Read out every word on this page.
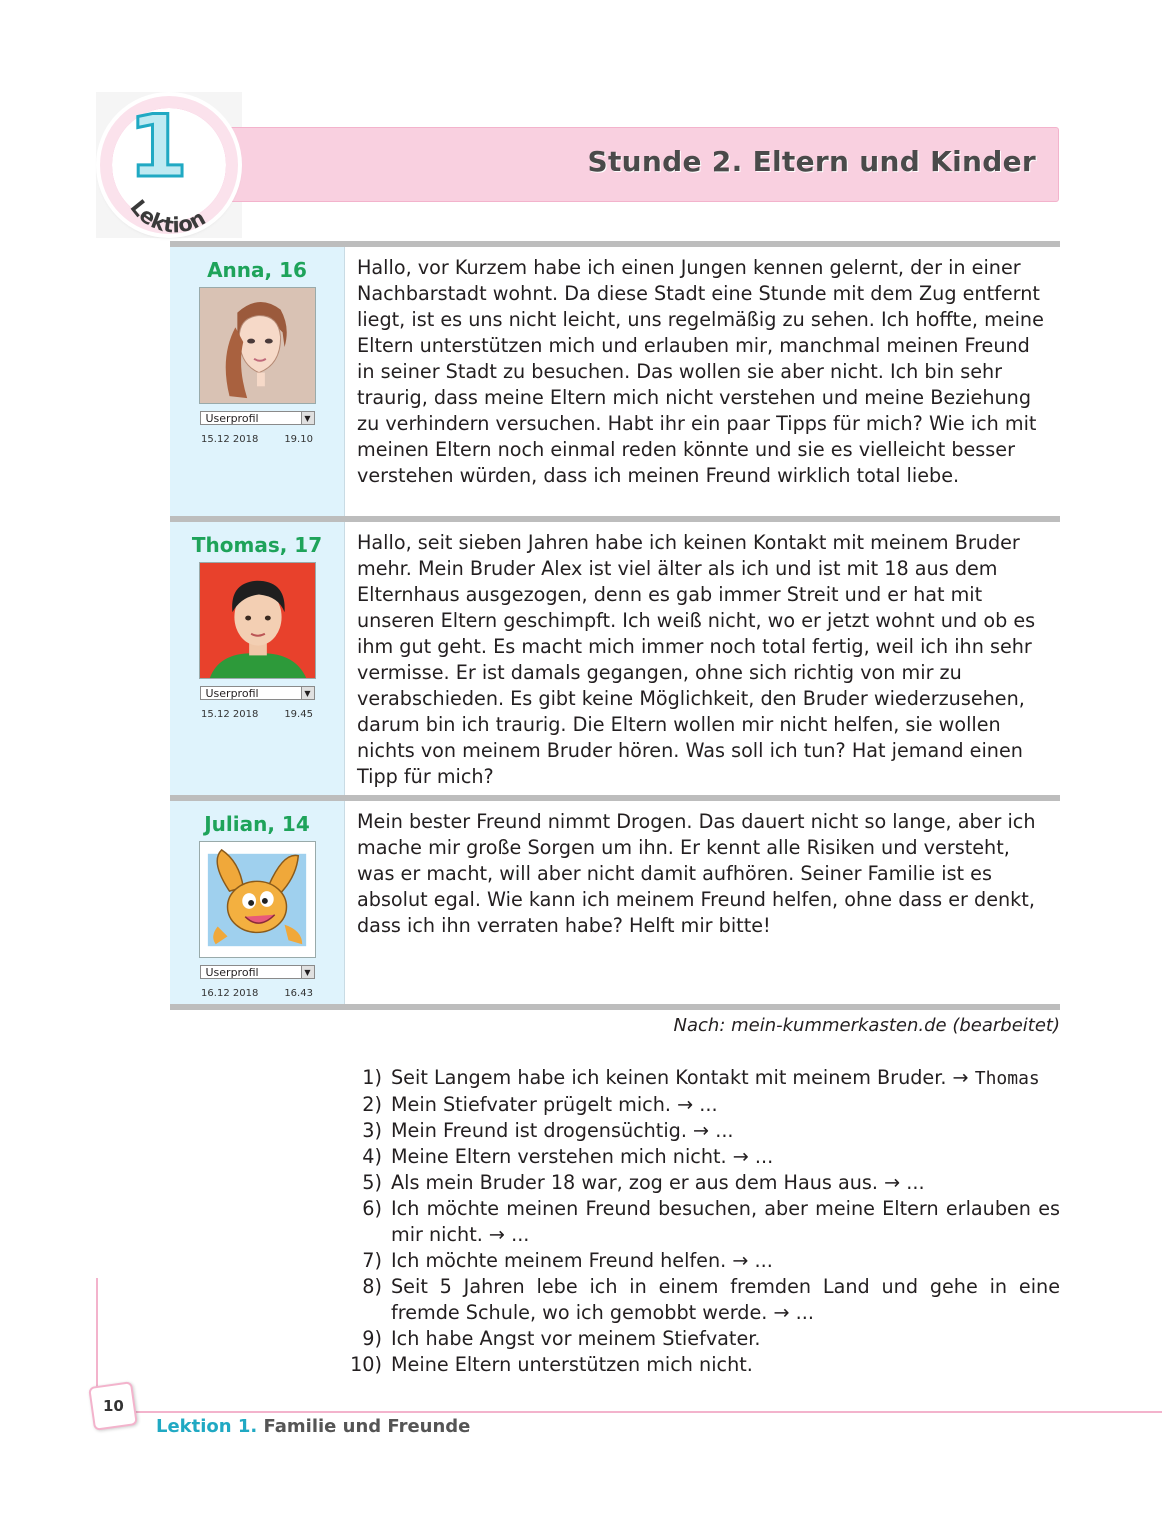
Stunde 2. Eltern und Kinder
Lektion
1
Anna, 16
Userprofil	▼
15.12 2018	19.10
Hallo, vor Kurzem habe ich einen Jungen kennen gelernt, der in einer Nachbarstadt wohnt. Da diese Stadt eine Stunde mit dem Zug entfernt liegt, ist es uns nicht leicht, uns regelmäßig zu sehen. Ich hoffte, meine Eltern unterstützen mich und erlauben mir, manchmal meinen Freund in seiner Stadt zu besuchen. Das wollen sie aber nicht. Ich bin sehr traurig, dass meine Eltern mich nicht verstehen und meine Beziehung zu verhindern versuchen. Habt ihr ein paar Tipps für mich? Wie ich mit meinen Eltern noch einmal reden könnte und sie es vielleicht besser verstehen würden, dass ich meinen Freund wirklich total liebe.
Thomas, 17
Userprofil	▼
15.12 2018	19.45
Hallo, seit sieben Jahren habe ich keinen Kontakt mit meinem Bruder mehr. Mein Bruder Alex ist viel älter als ich und ist mit 18 aus dem Elternhaus ausgezogen, denn es gab immer Streit und er hat mit unseren Eltern geschimpft. Ich weiß nicht, wo er jetzt wohnt und ob es ihm gut geht. Es macht mich immer noch total fertig, weil ich ihn sehr vermisse. Er ist damals gegangen, ohne sich richtig von mir zu verabschieden. Es gibt keine Möglichkeit, den Bruder wiederzusehen, darum bin ich traurig. Die Eltern wollen mir nicht helfen, sie wollen nichts von meinem Bruder hören. Was soll ich tun? Hat jemand einen Tipp für mich?
Julian, 14
Userprofil	▼
16.12 2018	16.43
Mein bester Freund nimmt Drogen. Das dauert nicht so lange, aber ich mache mir große Sorgen um ihn. Er kennt alle Risiken und versteht, was er macht, will aber nicht damit aufhören. Seiner Familie ist es absolut egal. Wie kann ich meinem Freund helfen, ohne dass er denkt, dass ich ihn verraten habe? Helft mir bitte!
Nach: mein-kummerkasten.de (bearbeitet)
1) Seit Langem habe ich keinen Kontakt mit meinem Bruder. → Thomas
2) Mein Stiefvater prügelt mich. → ...
3) Mein Freund ist drogensüchtig. → ...
4) Meine Eltern verstehen mich nicht. → ...
5) Als mein Bruder 18 war, zog er aus dem Haus aus. → ...
6) Ich möchte meinen Freund besuchen, aber meine Eltern erlauben es mir nicht. → ...
7) Ich möchte meinem Freund helfen. → ...
8) Seit 5 Jahren lebe ich in einem fremden Land und gehe in eine fremde Schule, wo ich gemobbt werde. → ...
9) Ich habe Angst vor meinem Stiefvater.
10) Meine Eltern unterstützen mich nicht.
10
Lektion 1. Familie und Freunde
